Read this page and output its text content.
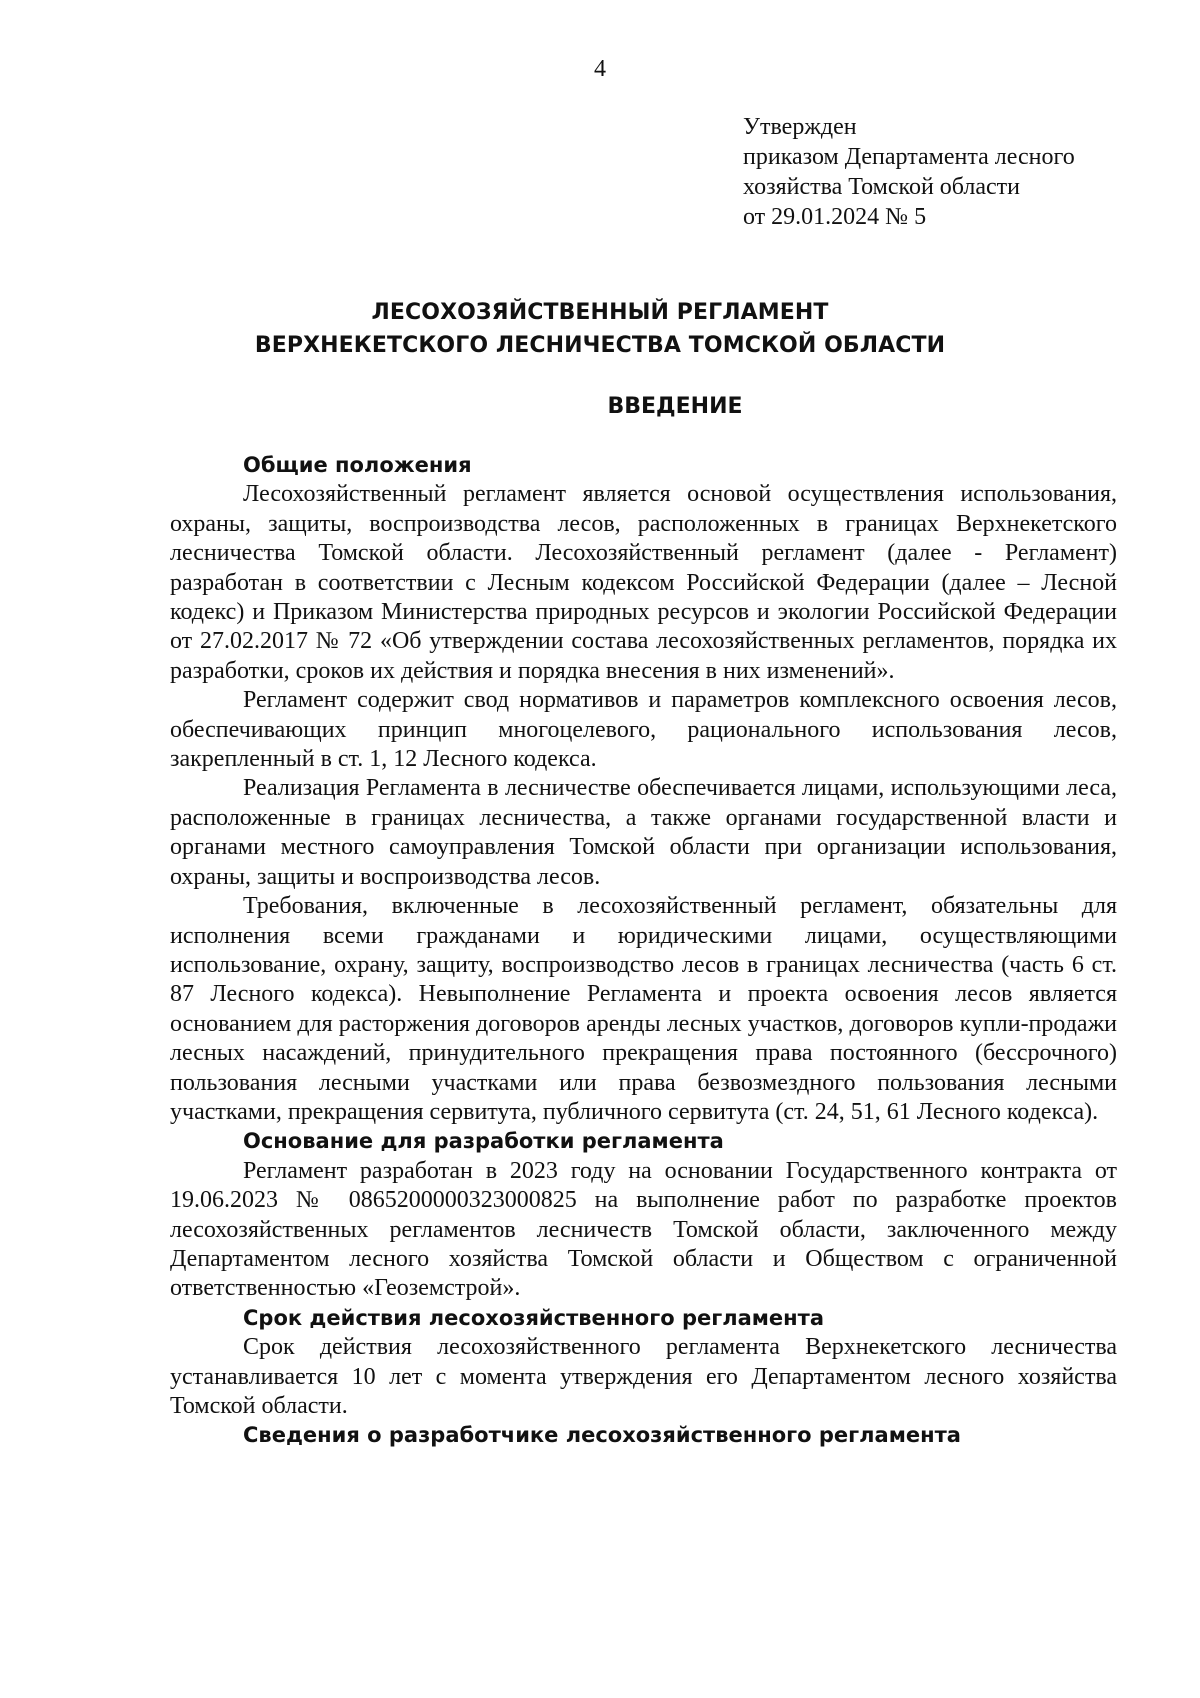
4
Утвержден
приказом Департамента лесного
хозяйства Томской области
от 29.01.2024 № 5
ЛЕСОХОЗЯЙСТВЕННЫЙ РЕГЛАМЕНТ
ВЕРХНЕКЕТСКОГО ЛЕСНИЧЕСТВА ТОМСКОЙ ОБЛАСТИ
ВВЕДЕНИЕ
Общие положения

Лесохозяйственный регламент является основой осуществления использования, охраны, защиты, воспроизводства лесов, расположенных в границах Верхнекетского лесничества Томской области. Лесохозяйственный регламент (далее - Регламент) разработан в соответствии с Лесным кодексом Российской Федерации (далее – Лесной кодекс) и Приказом Министерства природных ресурсов и экологии Российской Федерации от 27.02.2017 № 72 «Об утверждении состава лесохозяйственных регламентов, порядка их разработки, сроков их действия и порядка внесения в них изменений».

Регламент содержит свод нормативов и параметров комплексного освоения лесов, обеспечивающих принцип многоцелевого, рационального использования лесов, закрепленный в ст. 1, 12 Лесного кодекса.

Реализация Регламента в лесничестве обеспечивается лицами, использующими леса, расположенные в границах лесничества, а также органами государственной власти и органами местного самоуправления Томской области при организации использования, охраны, защиты и воспроизводства лесов.

Требования, включенные в лесохозяйственный регламент, обязательны для исполнения всеми гражданами и юридическими лицами, осуществляющими использование, охрану, защиту, воспроизводство лесов в границах лесничества (часть 6 ст. 87 Лесного кодекса). Невыполнение Регламента и проекта освоения лесов является основанием для расторжения договоров аренды лесных участков, договоров купли-продажи лесных насаждений, принудительного прекращения права постоянного (бессрочного) пользования лесными участками или права безвозмездного пользования лесными участками, прекращения сервитута, публичного сервитута (ст. 24, 51, 61 Лесного кодекса).

Основание для разработки регламента

Регламент разработан в 2023 году на основании Государственного контракта от 19.06.2023 № 0865200000323000825 на выполнение работ по разработке проектов лесохозяйственных регламентов лесничеств Томской области, заключенного между Департаментом лесного хозяйства Томской области и Обществом с ограниченной ответственностью «Геоземстрой».

Срок действия лесохозяйственного регламента

Срок действия лесохозяйственного регламента Верхнекетского лесничества устанавливается 10 лет с момента утверждения его Департаментом лесного хозяйства Томской области.

Сведения о разработчике лесохозяйственного регламента
